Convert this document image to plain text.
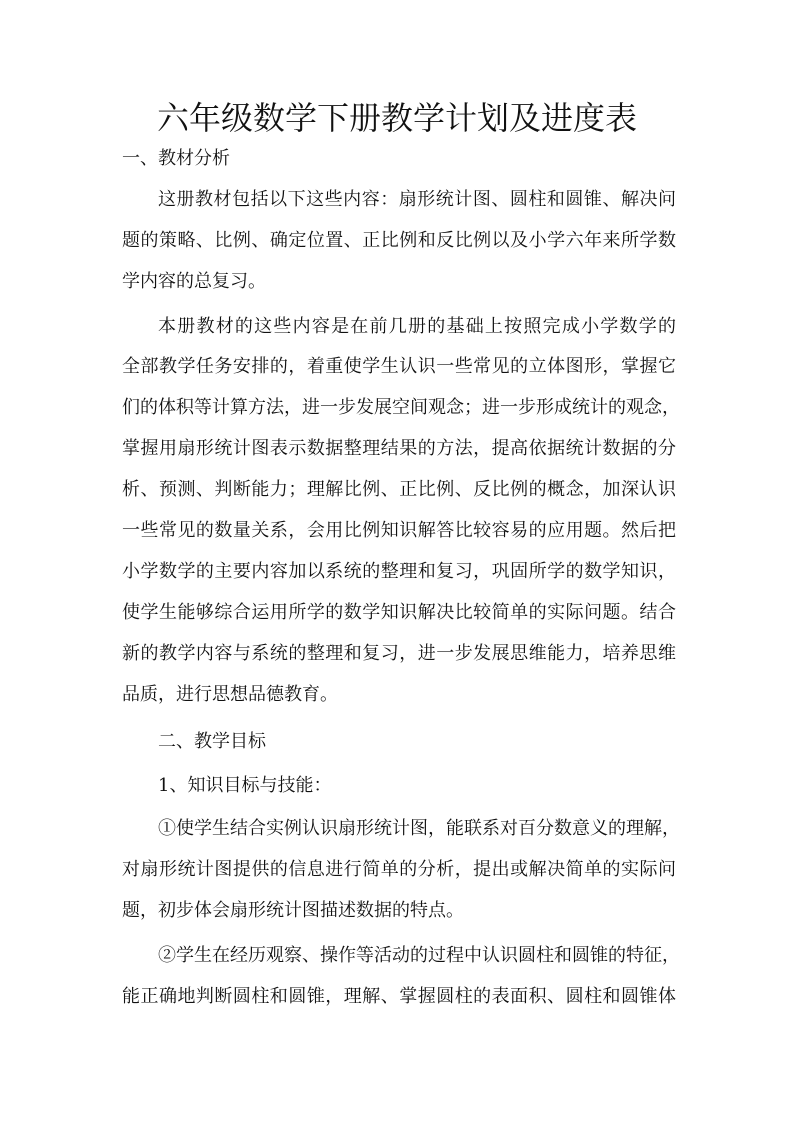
六年级数学下册教学计划及进度表
一、教材分析
这册教材包括以下这些内容：扇形统计图、圆柱和圆锥、解决问
题的策略、比例、确定位置、正比例和反比例以及小学六年来所学数
学内容的总复习。
本册教材的这些内容是在前几册的基础上按照完成小学数学的
全部教学任务安排的，着重使学生认识一些常见的立体图形，掌握它
们的体积等计算方法，进一步发展空间观念；进一步形成统计的观念，
掌握用扇形统计图表示数据整理结果的方法，提高依据统计数据的分
析、预测、判断能力；理解比例、正比例、反比例的概念，加深认识
一些常见的数量关系，会用比例知识解答比较容易的应用题。然后把
小学数学的主要内容加以系统的整理和复习，巩固所学的数学知识，
使学生能够综合运用所学的数学知识解决比较简单的实际问题。结合
新的教学内容与系统的整理和复习，进一步发展思维能力，培养思维
品质，进行思想品德教育。
二、教学目标
1、知识目标与技能：
①使学生结合实例认识扇形统计图，能联系对百分数意义的理解，
对扇形统计图提供的信息进行简单的分析，提出或解决简单的实际问
题，初步体会扇形统计图描述数据的特点。
②学生在经历观察、操作等活动的过程中认识圆柱和圆锥的特征，
能正确地判断圆柱和圆锥，理解、掌握圆柱的表面积、圆柱和圆锥体
